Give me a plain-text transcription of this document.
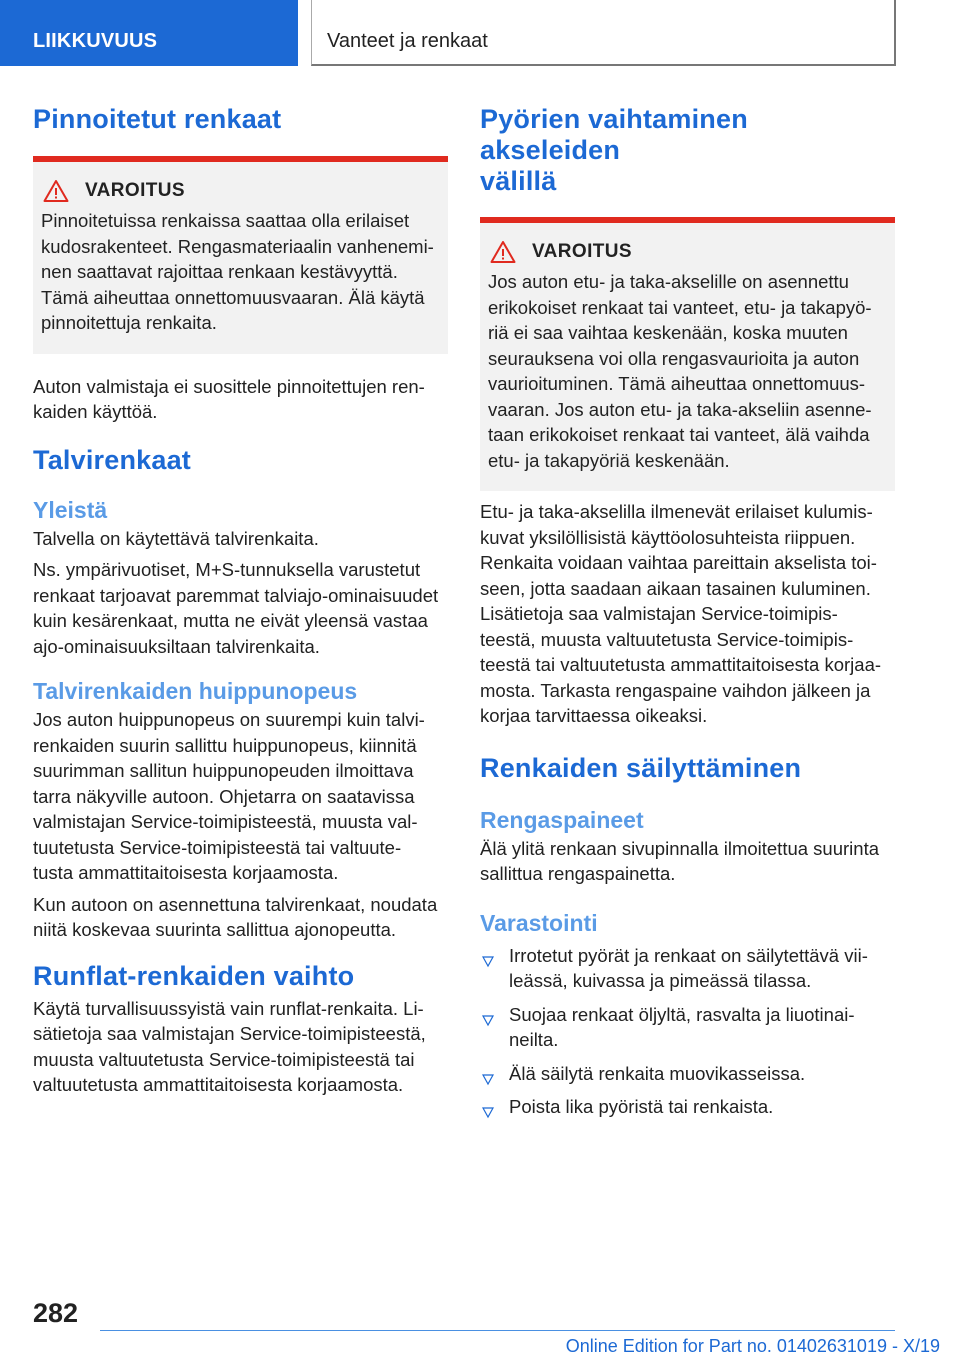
LIIKKUVUUS	Vanteet ja renkaat
Pinnoitetut renkaat
VAROITUS

Pinnoitetuissa renkaissa saattaa olla erilaiset
kudosrakenteet. Rengasmateriaalin vanhenemi-
nen saattavat rajoittaa renkaan kestävyyttä.
Tämä aiheuttaa onnettomuusvaaran. Älä käytä
pinnoitettuja renkaita.

Auton valmistaja ei suosittele pinnoitettujen ren-
kaiden käyttöä.

Talvirenkaat
Yleistä

Talvella on käytettävä talvirenkaita.

Ns. ympärivuotiset, M+S-tunnuksella varustetut
renkaat tarjoavat paremmat talviajo-ominaisuudet
kuin kesärenkaat, mutta ne eivät yleensä vastaa
ajo-ominaisuuksiltaan talvirenkaita.

Talvirenkaiden huippunopeus

Jos auton huippunopeus on suurempi kuin talvi-
renkaiden suurin sallittu huippunopeus, kiinnitä
suurimman sallitun huippunopeuden ilmoittava
tarra näkyville autoon. Ohjetarra on saatavissa
valmistajan Service-toimipisteestä, muusta val-
tuutetusta Service-toimipisteestä tai valtuute-
tusta ammattitaitoisesta korjaamosta.

Kun autoon on asennettuna talvirenkaat, noudata
niitä koskevaa suurinta sallittua ajonopeutta.

Runflat-renkaiden vaihto

Käytä turvallisuussyistä vain runflat-renkaita. Li-
sätietoja saa valmistajan Service-toimipisteestä,
muusta valtuutetusta Service-toimipisteestä tai
valtuutetusta ammattitaitoisesta korjaamosta.

Pyörien vaihtaminen akseleiden
välillä
VAROITUS

Jos auton etu- ja taka-akselille on asennettu
erikokoiset renkaat tai vanteet, etu- ja takapyö-
riä ei saa vaihtaa keskenään, koska muuten
seurauksena voi olla rengasvaurioita ja auton
vaurioituminen. Tämä aiheuttaa onnettomuus-
vaaran. Jos auton etu- ja taka-akseliin asenne-
taan erikokoiset renkaat tai vanteet, älä vaihda
etu- ja takapyöriä keskenään.

Etu- ja taka-akselilla ilmenevät erilaiset kulumis-
kuvat yksilöllisistä käyttöolosuhteista riippuen.
Renkaita voidaan vaihtaa pareittain akselista toi-
seen, jotta saadaan aikaan tasainen kuluminen.
Lisätietoja saa valmistajan Service-toimipis-
teestä, muusta valtuutetusta Service-toimipis-
teestä tai valtuutetusta ammattitaitoisesta korjaa-
mosta. Tarkasta rengaspaine vaihdon jälkeen ja
korjaa tarvittaessa oikeaksi.

Renkaiden säilyttäminen
Rengaspaineet

Älä ylitä renkaan sivupinnalla ilmoitettua suurinta
sallittua rengaspainetta.

Varastointi
Irrotetut pyörät ja renkaat on säilytettävä vii-
leässä, kuivassa ja pimeässä tilassa.
Suojaa renkaat öljyltä, rasvalta ja liuotinai-
neilta.
Älä säilytä renkaita muovikasseissa.
Poista lika pyöristä tai renkaista.
282
Online Edition for Part no. 01402631019 - X/19
